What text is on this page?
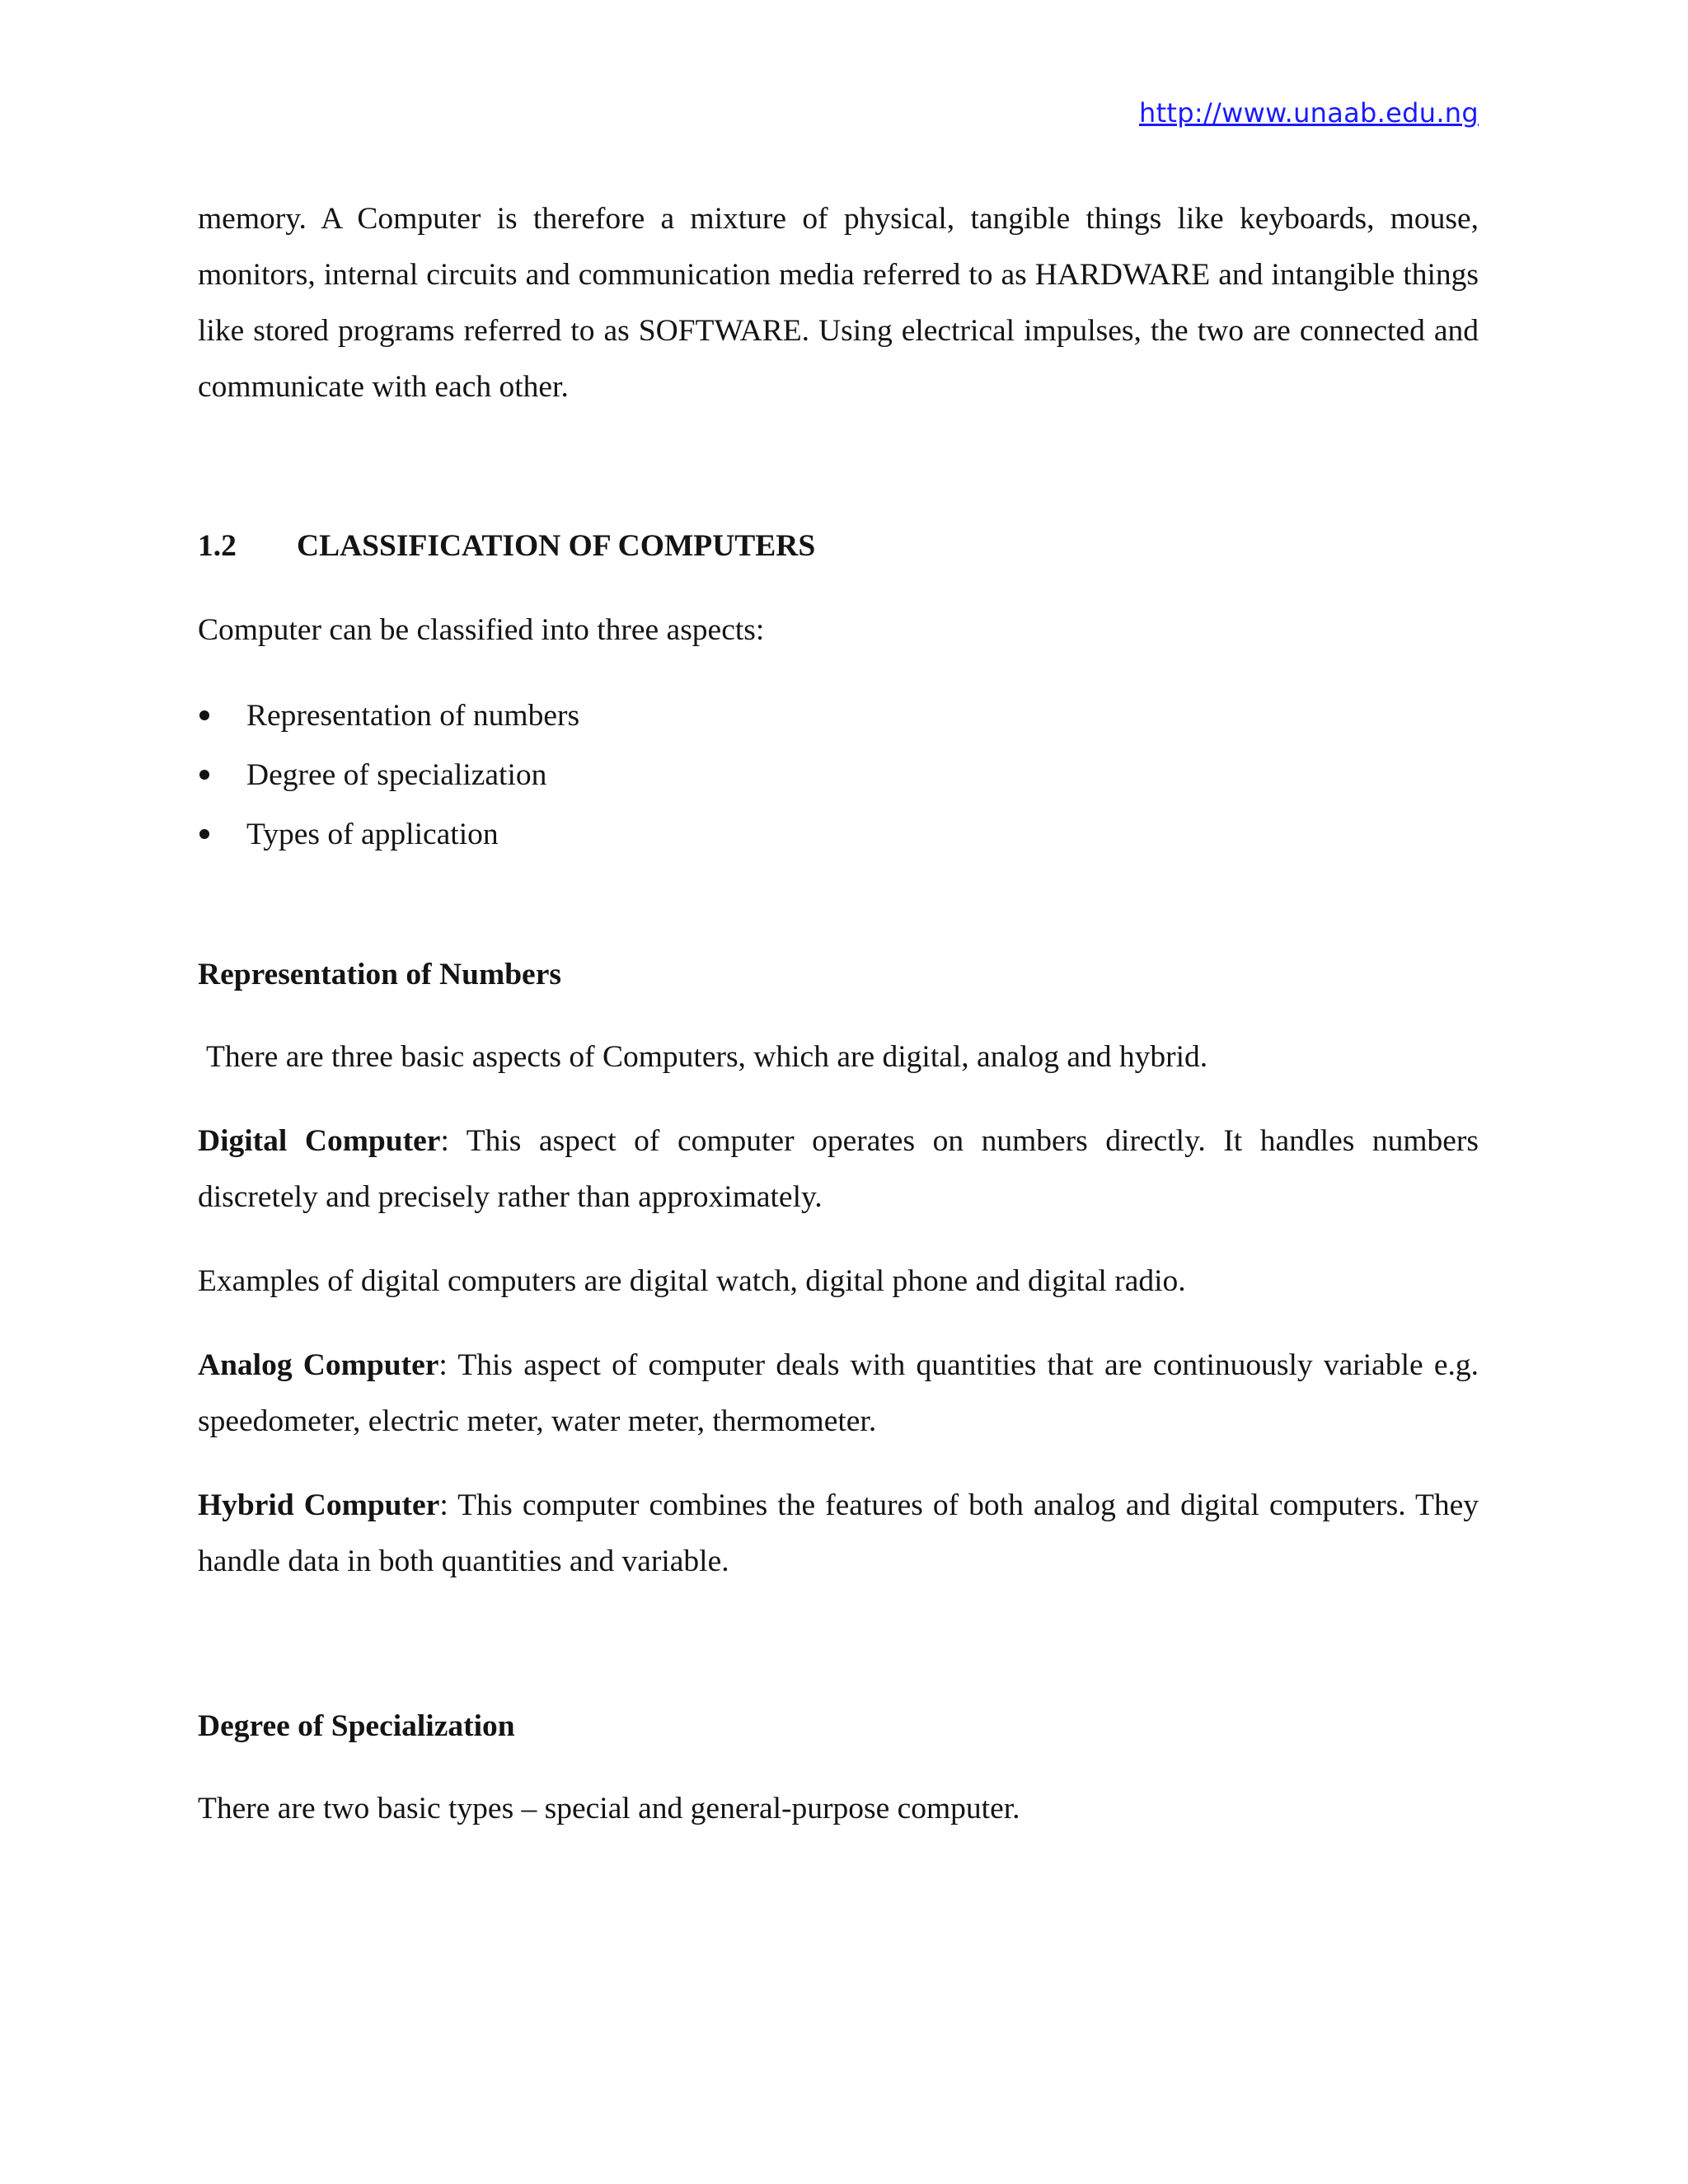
http://www.unaab.edu.ng

memory. A Computer is therefore a mixture of physical, tangible things like keyboards, mouse, monitors, internal circuits and communication media referred to as HARDWARE and intangible things like stored programs referred to as SOFTWARE. Using electrical impulses, the two are connected and communicate with each other.

1.2 CLASSIFICATION OF COMPUTERS

Computer can be classified into three aspects:

Representation of numbers
Degree of specialization
Types of application
Representation of Numbers

There are three basic aspects of Computers, which are digital, analog and hybrid.

Digital Computer: This aspect of computer operates on numbers directly. It handles numbers discretely and precisely rather than approximately.

Examples of digital computers are digital watch, digital phone and digital radio.

Analog Computer: This aspect of computer deals with quantities that are continuously variable e.g. speedometer, electric meter, water meter, thermometer.

Hybrid Computer: This computer combines the features of both analog and digital computers. They handle data in both quantities and variable.

Degree of Specialization

There are two basic types – special and general-purpose computer.
